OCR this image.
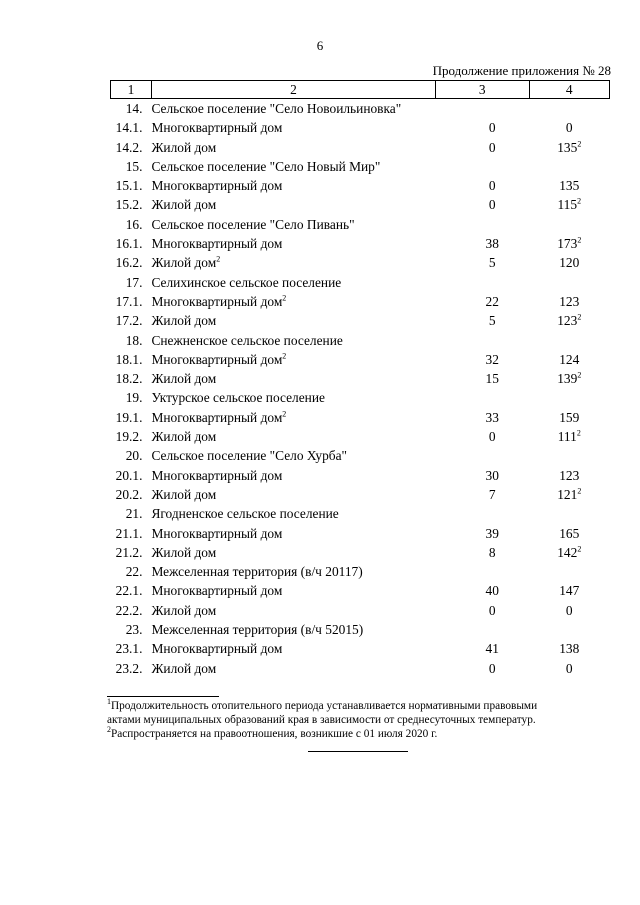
6
Продолжение приложения № 28
1	2	3	4
14.	Сельское поселение "Село Новоильиновка"		
14.1.	Многоквартирный дом	0	0
14.2.	Жилой дом	0	$135^2$
15.	Сельское поселение "Село Новый Мир"		
15.1.	Многоквартирный дом	0	135
15.2.	Жилой дом	0	$115^2$
16.	Сельское поселение "Село Пивань"		
16.1.	Многоквартирный дом	38	$173^2$
16.2.	Жилой дом$^2$	5	120
17.	Селихинское сельское поселение		
17.1.	Многоквартирный дом$^2$	22	123
17.2.	Жилой дом	5	$123^2$
18.	Снежненское сельское поселение		
18.1.	Многоквартирный дом$^2$	32	124
18.2.	Жилой дом	15	$139^2$
19.	Уктурское сельское поселение		
19.1.	Многоквартирный дом$^2$	33	159
19.2.	Жилой дом	0	$111^2$
20.	Сельское поселение "Село Хурба"		
20.1.	Многоквартирный дом	30	123
20.2.	Жилой дом	7	$121^2$
21.	Ягодненское сельское поселение		
21.1.	Многоквартирный дом	39	165
21.2.	Жилой дом	8	$142^2$
22.	Межселенная территория (в/ч 20117)		
22.1.	Многоквартирный дом	40	147
22.2.	Жилой дом	0	0
23.	Межселенная территория (в/ч 52015)		
23.1.	Многоквартирный дом	41	138
23.2.	Жилой дом	0	0
$^1$Продолжительность отопительного периода устанавливается нормативными правовыми
актами муниципальных образований края в зависимости от среднесуточных температур.
$^2$Распространяется на правоотношения, возникшие с 01 июля 2020 г.
